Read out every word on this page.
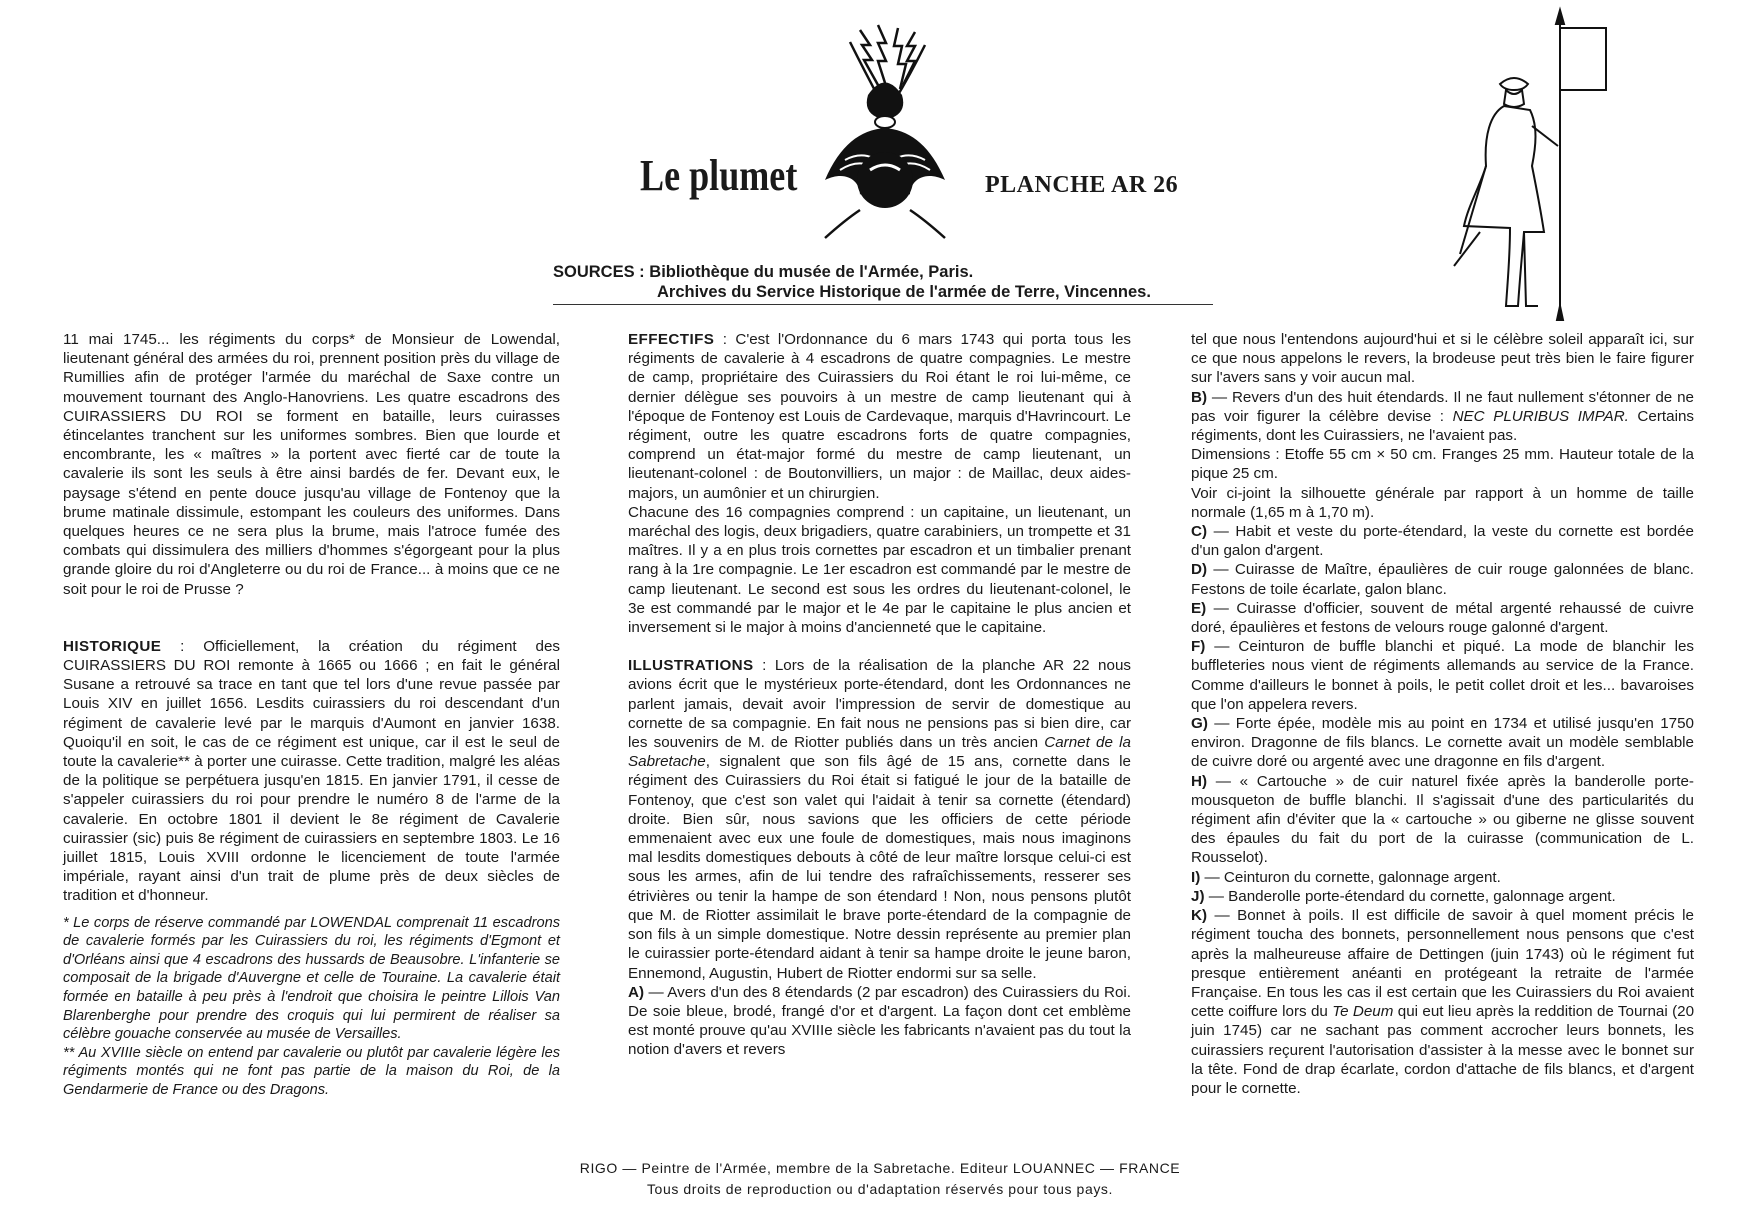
Le plumet	PLANCHE AR 26
SOURCES : Bibliothèque du musée de l'Armée, Paris.
Archives du Service Historique de l'armée de Terre, Vincennes.

11 mai 1745... les régiments du corps* de Monsieur de Lowendal, lieutenant général des armées du roi, prennent position près du village de Rumillies afin de protéger l'armée du maréchal de Saxe contre un mouvement tournant des Anglo-Hanovriens. Les quatre escadrons des CUIRASSIERS DU ROI se forment en bataille, leurs cuirasses étincelantes tranchent sur les uniformes sombres. Bien que lourde et encombrante, les « maîtres » la portent avec fierté car de toute la cavalerie ils sont les seuls à être ainsi bardés de fer. Devant eux, le paysage s'étend en pente douce jusqu'au village de Fontenoy que la brume matinale dissimule, estompant les couleurs des uniformes. Dans quelques heures ce ne sera plus la brume, mais l'atroce fumée des combats qui dissimulera des milliers d'hommes s'égorgeant pour la plus grande gloire du roi d'Angleterre ou du roi de France... à moins que ce ne soit pour le roi de Prusse ?

HISTORIQUE : Officiellement, la création du régiment des CUIRASSIERS DU ROI remonte à 1665 ou 1666 ; en fait le général Susane a retrouvé sa trace en tant que tel lors d'une revue passée par Louis XIV en juillet 1656. Lesdits cuirassiers du roi descendant d'un régiment de cavalerie levé par le marquis d'Aumont en janvier 1638. Quoiqu'il en soit, le cas de ce régiment est unique, car il est le seul de toute la cavalerie** à porter une cuirasse. Cette tradition, malgré les aléas de la politique se perpétuera jusqu'en 1815. En janvier 1791, il cesse de s'appeler cuirassiers du roi pour prendre le numéro 8 de l'arme de la cavalerie. En octobre 1801 il devient le 8e régiment de Cavalerie cuirassier (sic) puis 8e régiment de cuirassiers en septembre 1803. Le 16 juillet 1815, Louis XVIII ordonne le licenciement de toute l'armée impériale, rayant ainsi d'un trait de plume près de deux siècles de tradition et d'honneur.

* Le corps de réserve commandé par LOWENDAL comprenait 11 escadrons de cavalerie formés par les Cuirassiers du roi, les régiments d'Egmont et d'Orléans ainsi que 4 escadrons des hussards de Beausobre. L'infanterie se composait de la brigade d'Auvergne et celle de Touraine. La cavalerie était formée en bataille à peu près à l'endroit que choisira le peintre Lillois Van Blarenberghe pour prendre des croquis qui lui permirent de réaliser sa célèbre gouache conservée au musée de Versailles.

** Au XVIIIe siècle on entend par cavalerie ou plutôt par cavalerie légère les régiments montés qui ne font pas partie de la maison du Roi, de la Gendarmerie de France ou des Dragons.

EFFECTIFS : C'est l'Ordonnance du 6 mars 1743 qui porta tous les régiments de cavalerie à 4 escadrons de quatre compagnies. Le mestre de camp, propriétaire des Cuirassiers du Roi étant le roi lui-même, ce dernier délègue ses pouvoirs à un mestre de camp lieutenant qui à l'époque de Fontenoy est Louis de Cardevaque, marquis d'Havrincourt. Le régiment, outre les quatre escadrons forts de quatre compagnies, comprend un état-major formé du mestre de camp lieutenant, un lieutenant-colonel : de Boutonvilliers, un major : de Maillac, deux aides-majors, un aumônier et un chirurgien.

Chacune des 16 compagnies comprend : un capitaine, un lieutenant, un maréchal des logis, deux brigadiers, quatre carabiniers, un trompette et 31 maîtres. Il y a en plus trois cornettes par escadron et un timbalier prenant rang à la 1re compagnie. Le 1er escadron est commandé par le mestre de camp lieutenant. Le second est sous les ordres du lieutenant-colonel, le 3e est commandé par le major et le 4e par le capitaine le plus ancien et inversement si le major à moins d'ancienneté que le capitaine.

ILLUSTRATIONS : Lors de la réalisation de la planche AR 22 nous avions écrit que le mystérieux porte-étendard, dont les Ordonnances ne parlent jamais, devait avoir l'impression de servir de domestique au cornette de sa compagnie. En fait nous ne pensions pas si bien dire, car les souvenirs de M. de Riotter publiés dans un très ancien Carnet de la Sabretache, signalent que son fils âgé de 15 ans, cornette dans le régiment des Cuirassiers du Roi était si fatigué le jour de la bataille de Fontenoy, que c'est son valet qui l'aidait à tenir sa cornette (étendard) droite. Bien sûr, nous savions que les officiers de cette période emmenaient avec eux une foule de domestiques, mais nous imaginons mal lesdits domestiques debouts à côté de leur maître lorsque celui-ci est sous les armes, afin de lui tendre des rafraîchissements, resserer ses étrivières ou tenir la hampe de son étendard ! Non, nous pensons plutôt que M. de Riotter assimilait le brave porte-étendard de la compagnie de son fils à un simple domestique. Notre dessin représente au premier plan le cuirassier porte-étendard aidant à tenir sa hampe droite le jeune baron, Ennemond, Augustin, Hubert de Riotter endormi sur sa selle.

A) — Avers d'un des 8 étendards (2 par escadron) des Cuirassiers du Roi. De soie bleue, brodé, frangé d'or et d'argent. La façon dont cet emblème est monté prouve qu'au XVIIIe siècle les fabricants n'avaient pas du tout la notion d'avers et revers

tel que nous l'entendons aujourd'hui et si le célèbre soleil apparaît ici, sur ce que nous appelons le revers, la brodeuse peut très bien le faire figurer sur l'avers sans y voir aucun mal.

B) — Revers d'un des huit étendards. Il ne faut nullement s'étonner de ne pas voir figurer la célèbre devise : NEC PLURIBUS IMPAR. Certains régiments, dont les Cuirassiers, ne l'avaient pas.

Dimensions : Etoffe 55 cm × 50 cm. Franges 25 mm. Hauteur totale de la pique 25 cm.

Voir ci-joint la silhouette générale par rapport à un homme de taille normale (1,65 m à 1,70 m).

C) — Habit et veste du porte-étendard, la veste du cornette est bordée d'un galon d'argent.

D) — Cuirasse de Maître, épaulières de cuir rouge galonnées de blanc. Festons de toile écarlate, galon blanc.

E) — Cuirasse d'officier, souvent de métal argenté rehaussé de cuivre doré, épaulières et festons de velours rouge galonné d'argent.

F) — Ceinturon de buffle blanchi et piqué. La mode de blanchir les buffleteries nous vient de régiments allemands au service de la France. Comme d'ailleurs le bonnet à poils, le petit collet droit et les... bavaroises que l'on appelera revers.

G) — Forte épée, modèle mis au point en 1734 et utilisé jusqu'en 1750 environ. Dragonne de fils blancs. Le cornette avait un modèle semblable de cuivre doré ou argenté avec une dragonne en fils d'argent.

H) — « Cartouche » de cuir naturel fixée après la banderolle porte-mousqueton de buffle blanchi. Il s'agissait d'une des particularités du régiment afin d'éviter que la « cartouche » ou giberne ne glisse souvent des épaules du fait du port de la cuirasse (communication de L. Rousselot).

I) — Ceinturon du cornette, galonnage argent.

J) — Banderolle porte-étendard du cornette, galonnage argent.

K) — Bonnet à poils. Il est difficile de savoir à quel moment précis le régiment toucha des bonnets, personnellement nous pensons que c'est après la malheureuse affaire de Dettingen (juin 1743) où le régiment fut presque entièrement anéanti en protégeant la retraite de l'armée Française. En tous les cas il est certain que les Cuirassiers du Roi avaient cette coiffure lors du Te Deum qui eut lieu après la reddition de Tournai (20 juin 1745) car ne sachant pas comment accrocher leurs bonnets, les cuirassiers reçurent l'autorisation d'assister à la messe avec le bonnet sur la tête. Fond de drap écarlate, cordon d'attache de fils blancs, et d'argent pour le cornette.

RIGO — Peintre de l'Armée, membre de la Sabretache. Editeur LOUANNEC — FRANCE
Tous droits de reproduction ou d'adaptation réservés pour tous pays.
